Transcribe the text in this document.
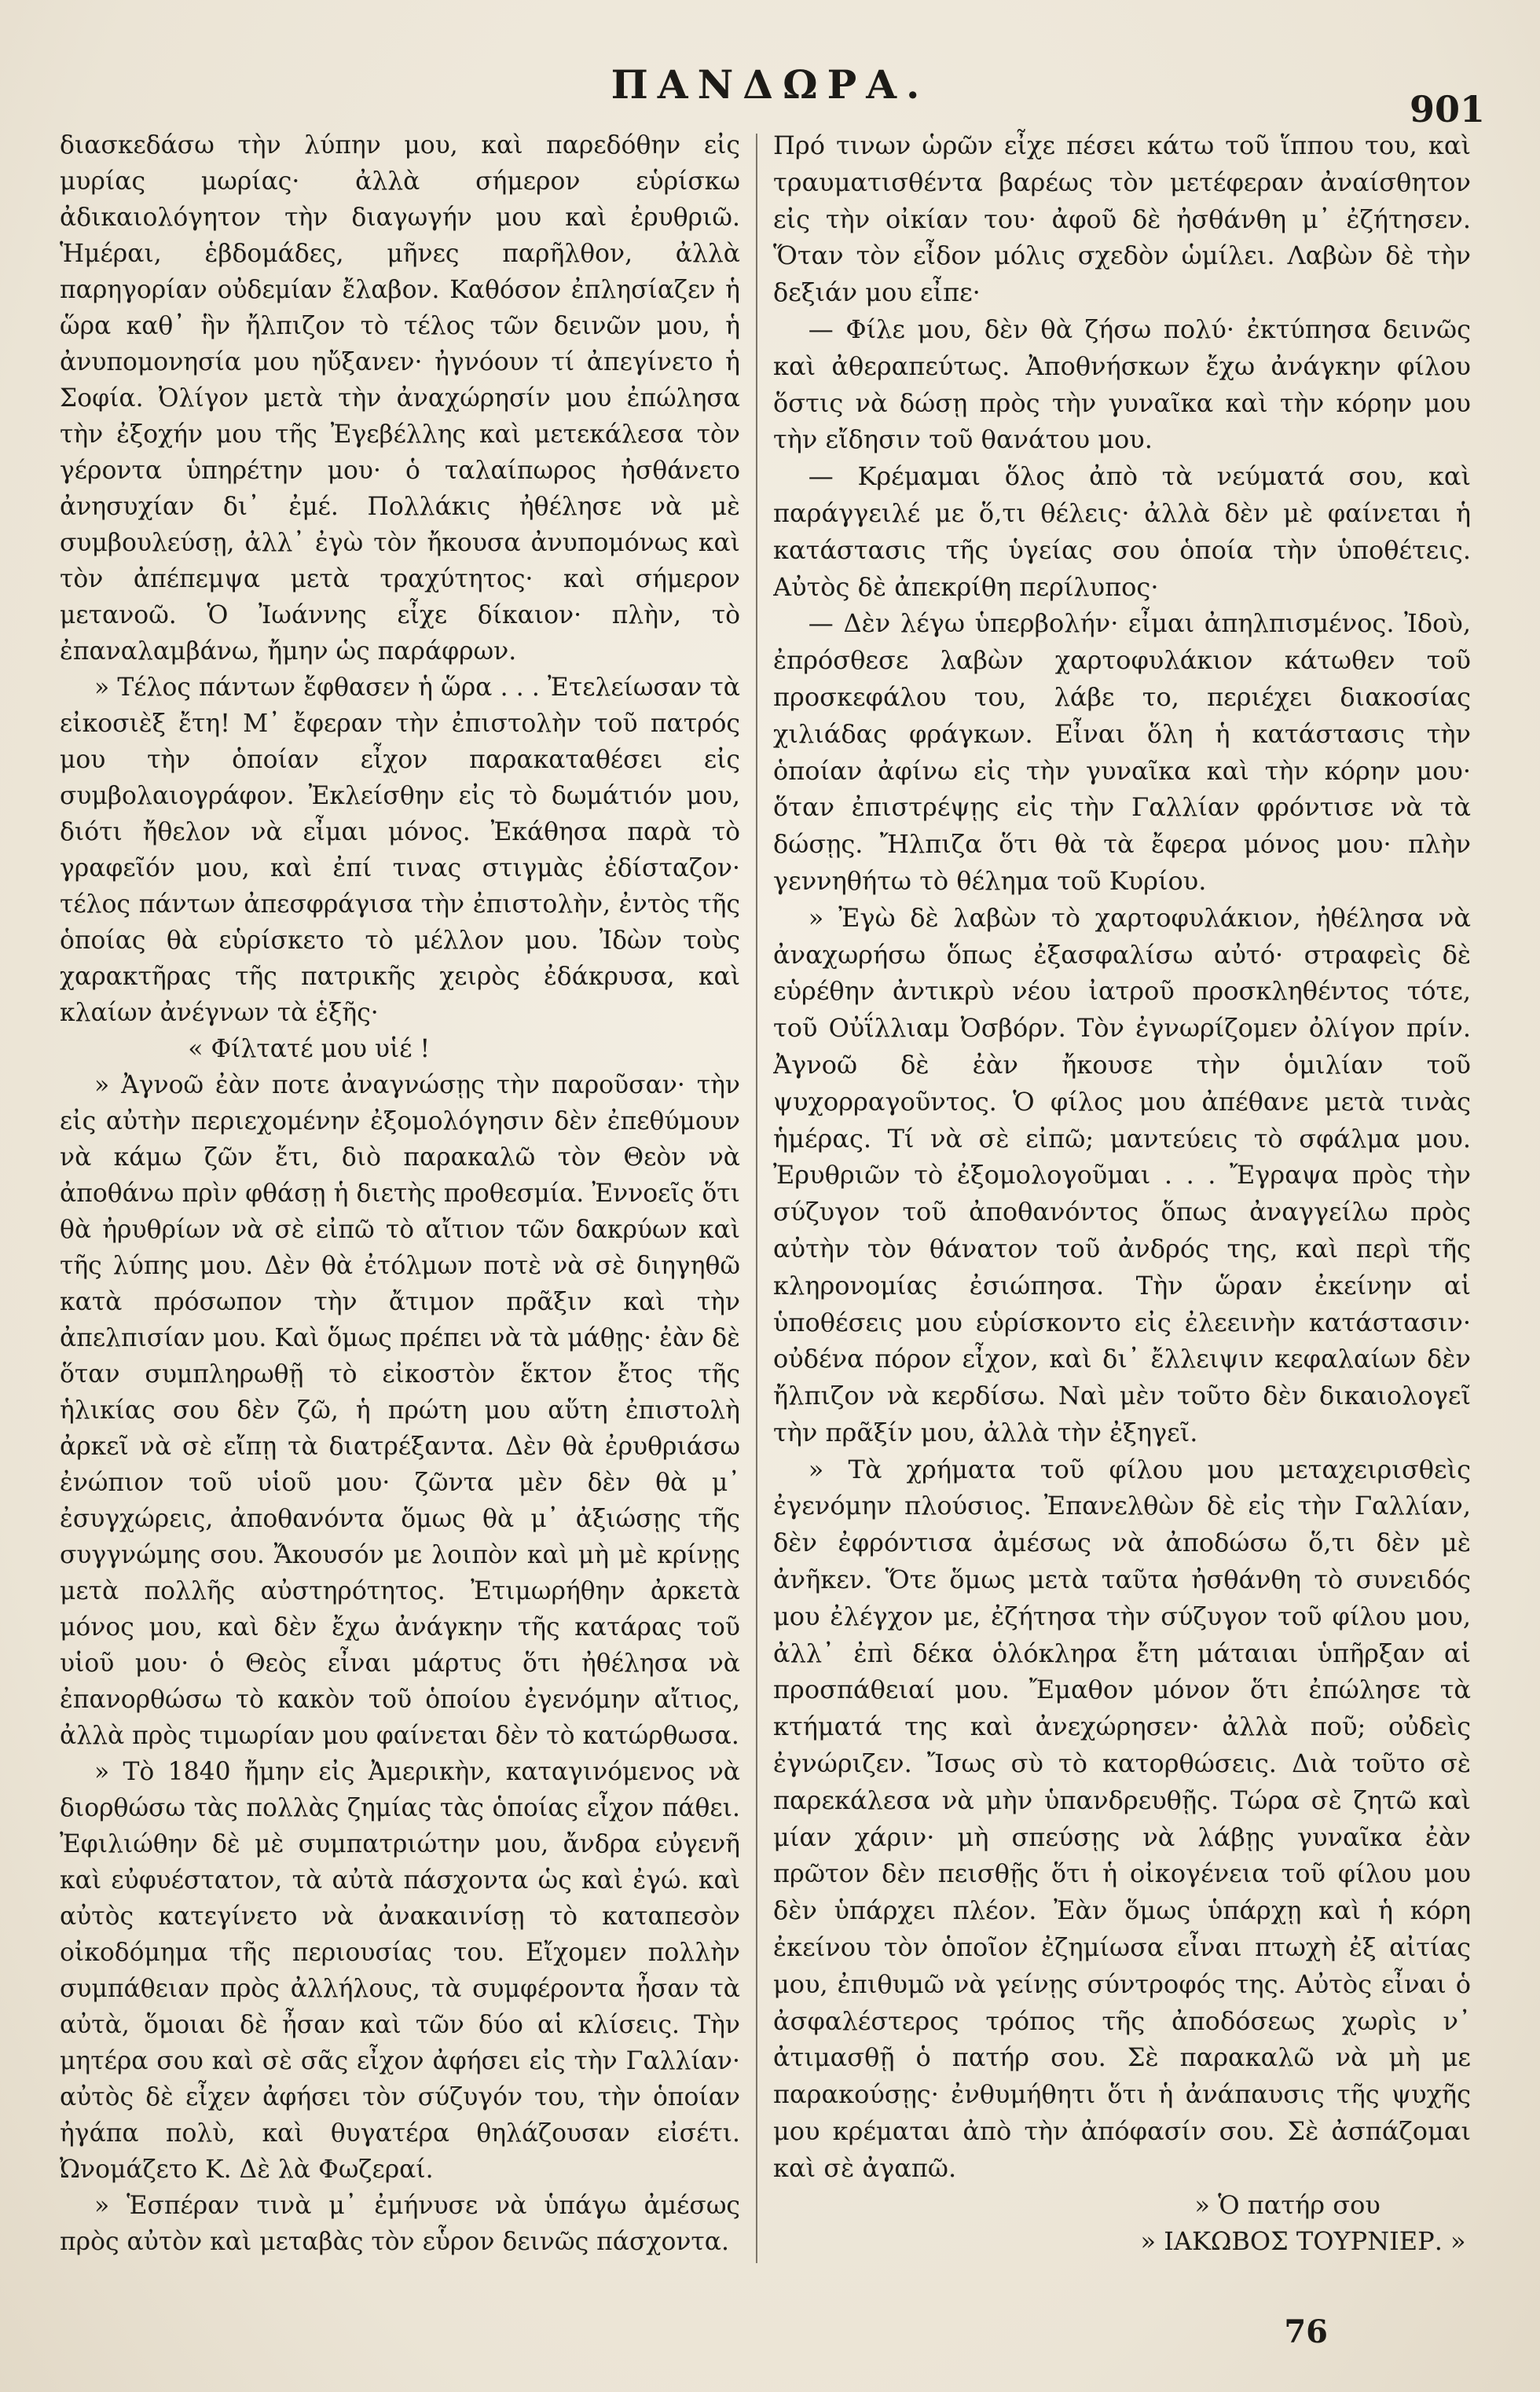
ΠΑΝΔΩΡΑ.
901

διασκεδάσω τὴν λύπην μου, καὶ παρεδόθην εἰς μυρίας μωρίας· ἀλλὰ σήμερον εὑρίσκω ἀδικαιολόγητον τὴν διαγωγήν μου καὶ ἐρυθριῶ. Ἡμέραι, ἑβδομάδες, μῆνες παρῆλθον, ἀλλὰ παρηγορίαν οὐδεμίαν ἔλαβον. Καθόσον ἐπλησίαζεν ἡ ὥρα καθ᾽ ἣν ἤλπιζον τὸ τέλος τῶν δεινῶν μου, ἡ ἀνυπομονησία μου ηὔξανεν· ἠγνόουν τί ἀπεγίνετο ἡ Σοφία. Ὀλίγον μετὰ τὴν ἀναχώρησίν μου ἐπώλησα τὴν ἐξοχήν μου τῆς Ἐγεβέλλης καὶ μετεκάλεσα τὸν γέροντα ὑπηρέτην μου· ὁ ταλαίπωρος ἠσθάνετο ἀνησυχίαν δι᾽ ἐμέ. Πολλάκις ἠθέλησε νὰ μὲ συμβουλεύσῃ, ἀλλ᾽ ἐγὼ τὸν ἤκουσα ἀνυπομόνως καὶ τὸν ἀπέπεμψα μετὰ τραχύτητος· καὶ σήμερον μετανοῶ. Ὁ Ἰωάννης εἶχε δίκαιον· πλὴν, τὸ ἐπαναλαμβάνω, ἤμην ὡς παράφρων.

» Τέλος πάντων ἔφθασεν ἡ ὥρα . . . Ἐτελείωσαν τὰ εἰκοσιὲξ ἔτη! Μ᾽ ἔφεραν τὴν ἐπιστολὴν τοῦ πατρός μου τὴν ὁποίαν εἶχον παρακαταθέσει εἰς συμβολαιογράφον. Ἐκλείσθην εἰς τὸ δωμάτιόν μου, διότι ἤθελον νὰ εἶμαι μόνος. Ἐκάθησα παρὰ τὸ γραφεῖόν μου, καὶ ἐπί τινας στιγμὰς ἐδίσταζον· τέλος πάντων ἀπεσφράγισα τὴν ἐπιστολὴν, ἐντὸς τῆς ὁποίας θὰ εὑρίσκετο τὸ μέλλον μου. Ἰδὼν τοὺς χαρακτῆρας τῆς πατρικῆς χειρὸς ἐδάκρυσα, καὶ κλαίων ἀνέγνων τὰ ἑξῆς·

« Φίλτατέ μου υἱέ !

» Ἀγνοῶ ἐὰν ποτε ἀναγνώσῃς τὴν παροῦσαν· τὴν εἰς αὐτὴν περιεχομένην ἐξομολόγησιν δὲν ἐπεθύμουν νὰ κάμω ζῶν ἔτι, διὸ παρακαλῶ τὸν Θεὸν νὰ ἀποθάνω πρὶν φθάσῃ ἡ διετὴς προθεσμία. Ἐννοεῖς ὅτι θὰ ἠρυθρίων νὰ σὲ εἰπῶ τὸ αἴτιον τῶν δακρύων καὶ τῆς λύπης μου. Δὲν θὰ ἐτόλμων ποτὲ νὰ σὲ διηγηθῶ κατὰ πρόσωπον τὴν ἄτιμον πρᾶξιν καὶ τὴν ἀπελπισίαν μου. Καὶ ὅμως πρέπει νὰ τὰ μάθῃς· ἐὰν δὲ ὅταν συμπληρωθῇ τὸ εἰκοστὸν ἕκτον ἔτος τῆς ἡλικίας σου δὲν ζῶ, ἡ πρώτη μου αὕτη ἐπιστολὴ ἀρκεῖ νὰ σὲ εἴπῃ τὰ διατρέξαντα. Δὲν θὰ ἐρυθριάσω ἐνώπιον τοῦ υἱοῦ μου· ζῶντα μὲν δὲν θὰ μ᾽ ἐσυγχώρεις, ἀποθανόντα ὅμως θὰ μ᾽ ἀξιώσῃς τῆς συγγνώμης σου. Ἄκουσόν με λοιπὸν καὶ μὴ μὲ κρίνῃς μετὰ πολλῆς αὐστηρότητος. Ἐτιμωρήθην ἀρκετὰ μόνος μου, καὶ δὲν ἔχω ἀνάγκην τῆς κατάρας τοῦ υἱοῦ μου· ὁ Θεὸς εἶναι μάρτυς ὅτι ἠθέλησα νὰ ἐπανορθώσω τὸ κακὸν τοῦ ὁποίου ἐγενόμην αἴτιος, ἀλλὰ πρὸς τιμωρίαν μου φαίνεται δὲν τὸ κατώρθωσα.

» Τὸ 1840 ἤμην εἰς Ἀμερικὴν, καταγινόμενος νὰ διορθώσω τὰς πολλὰς ζημίας τὰς ὁποίας εἶχον πάθει. Ἐφιλιώθην δὲ μὲ συμπατριώτην μου, ἄνδρα εὐγενῆ καὶ εὐφυέστατον, τὰ αὐτὰ πάσχοντα ὡς καὶ ἐγώ. καὶ αὐτὸς κατεγίνετο νὰ ἀνακαινίσῃ τὸ καταπεσὸν οἰκοδόμημα τῆς περιουσίας του. Εἴχομεν πολλὴν συμπάθειαν πρὸς ἀλλήλους, τὰ συμφέροντα ἦσαν τὰ αὐτὰ, ὅμοιαι δὲ ἦσαν καὶ τῶν δύο αἱ κλίσεις. Τὴν μητέρα σου καὶ σὲ σᾶς εἶχον ἀφήσει εἰς τὴν Γαλλίαν· αὐτὸς δὲ εἶχεν ἀφήσει τὸν σύζυγόν του, τὴν ὁποίαν ἠγάπα πολὺ, καὶ θυγατέρα θηλάζουσαν εἰσέτι. Ὠνομάζετο Κ. Δὲ λὰ Φωζεραί.

» Ἑσπέραν τινὰ μ᾽ ἐμήνυσε νὰ ὑπάγω ἀμέσως πρὸς αὐτὸν καὶ μεταβὰς τὸν εὗρον δεινῶς πάσχοντα.

Πρό τινων ὡρῶν εἶχε πέσει κάτω τοῦ ἵππου του, καὶ τραυματισθέντα βαρέως τὸν μετέφεραν ἀναίσθητον εἰς τὴν οἰκίαν του· ἀφοῦ δὲ ἠσθάνθη μ᾽ ἐζήτησεν. Ὅταν τὸν εἶδον μόλις σχεδὸν ὡμίλει. Λαβὼν δὲ τὴν δεξιάν μου εἶπε·

— Φίλε μου, δὲν θὰ ζήσω πολύ· ἐκτύπησα δεινῶς καὶ ἀθεραπεύτως. Ἀποθνήσκων ἔχω ἀνάγκην φίλου ὅστις νὰ δώσῃ πρὸς τὴν γυναῖκα καὶ τὴν κόρην μου τὴν εἴδησιν τοῦ θανάτου μου.

— Κρέμαμαι ὅλος ἀπὸ τὰ νεύματά σου, καὶ παράγγειλέ με ὅ,τι θέλεις· ἀλλὰ δὲν μὲ φαίνεται ἡ κατάστασις τῆς ὑγείας σου ὁποία τὴν ὑποθέτεις. Αὐτὸς δὲ ἀπεκρίθη περίλυπος·

— Δὲν λέγω ὑπερβολήν· εἶμαι ἀπηλπισμένος. Ἰδοὺ, ἐπρόσθεσε λαβὼν χαρτοφυλάκιον κάτωθεν τοῦ προσκεφάλου του, λάβε το, περιέχει διακοσίας χιλιάδας φράγκων. Εἶναι ὅλη ἡ κατάστασις τὴν ὁποίαν ἀφίνω εἰς τὴν γυναῖκα καὶ τὴν κόρην μου· ὅταν ἐπιστρέψῃς εἰς τὴν Γαλλίαν φρόντισε νὰ τὰ δώσῃς. Ἤλπιζα ὅτι θὰ τὰ ἔφερα μόνος μου· πλὴν γεννηθήτω τὸ θέλημα τοῦ Κυρίου.

» Ἐγὼ δὲ λαβὼν τὸ χαρτοφυλάκιον, ἠθέλησα νὰ ἀναχωρήσω ὅπως ἐξασφαλίσω αὐτό· στραφεὶς δὲ εὑρέθην ἀντικρὺ νέου ἰατροῦ προσκληθέντος τότε, τοῦ Οὐΐλλιαμ Ὀσβόρν. Τὸν ἐγνωρίζομεν ὀλίγον πρίν. Ἀγνοῶ δὲ ἐὰν ἤκουσε τὴν ὁμιλίαν τοῦ ψυχορραγοῦντος. Ὁ φίλος μου ἀπέθανε μετὰ τινὰς ἡμέρας. Τί νὰ σὲ εἰπῶ; μαντεύεις τὸ σφάλμα μου. Ἐρυθριῶν τὸ ἐξομολογοῦμαι . . . Ἔγραψα πρὸς τὴν σύζυγον τοῦ ἀποθανόντος ὅπως ἀναγγείλω πρὸς αὐτὴν τὸν θάνατον τοῦ ἀνδρός της, καὶ περὶ τῆς κληρονομίας ἐσιώπησα. Τὴν ὥραν ἐκείνην αἱ ὑποθέσεις μου εὑρίσκοντο εἰς ἐλεεινὴν κατάστασιν· οὐδένα πόρον εἶχον, καὶ δι᾽ ἔλλειψιν κεφαλαίων δὲν ἤλπιζον νὰ κερδίσω. Ναὶ μὲν τοῦτο δὲν δικαιολογεῖ τὴν πρᾶξίν μου, ἀλλὰ τὴν ἐξηγεῖ.

» Τὰ χρήματα τοῦ φίλου μου μεταχειρισθεὶς ἐγενόμην πλούσιος. Ἐπανελθὼν δὲ εἰς τὴν Γαλλίαν, δὲν ἐφρόντισα ἀμέσως νὰ ἀποδώσω ὅ,τι δὲν μὲ ἀνῆκεν. Ὅτε ὅμως μετὰ ταῦτα ἠσθάνθη τὸ συνειδός μου ἐλέγχον με, ἐζήτησα τὴν σύζυγον τοῦ φίλου μου, ἀλλ᾽ ἐπὶ δέκα ὁλόκληρα ἔτη μάταιαι ὑπῆρξαν αἱ προσπάθειαί μου. Ἔμαθον μόνον ὅτι ἐπώλησε τὰ κτήματά της καὶ ἀνεχώρησεν· ἀλλὰ ποῦ; οὐδεὶς ἐγνώριζεν. Ἴσως σὺ τὸ κατορθώσεις. Διὰ τοῦτο σὲ παρεκάλεσα νὰ μὴν ὑπανδρευθῇς. Τώρα σὲ ζητῶ καὶ μίαν χάριν· μὴ σπεύσῃς νὰ λάβῃς γυναῖκα ἐὰν πρῶτον δὲν πεισθῇς ὅτι ἡ οἰκογένεια τοῦ φίλου μου δὲν ὑπάρχει πλέον. Ἐὰν ὅμως ὑπάρχῃ καὶ ἡ κόρη ἐκείνου τὸν ὁποῖον ἐζημίωσα εἶναι πτωχὴ ἐξ αἰτίας μου, ἐπιθυμῶ νὰ γείνῃς σύντροφός της. Αὐτὸς εἶναι ὁ ἀσφαλέστερος τρόπος τῆς ἀποδόσεως χωρὶς ν᾽ ἀτιμασθῇ ὁ πατήρ σου. Σὲ παρακαλῶ νὰ μὴ με παρακούσῃς· ἐνθυμήθητι ὅτι ἡ ἀνάπαυσις τῆς ψυχῆς μου κρέμαται ἀπὸ τὴν ἀπόφασίν σου. Σὲ ἀσπάζομαι καὶ σὲ ἀγαπῶ.

» Ὁ πατήρ σου

» ΙΑΚΩΒΟΣ ΤΟΥΡΝΙΕΡ. »

76
